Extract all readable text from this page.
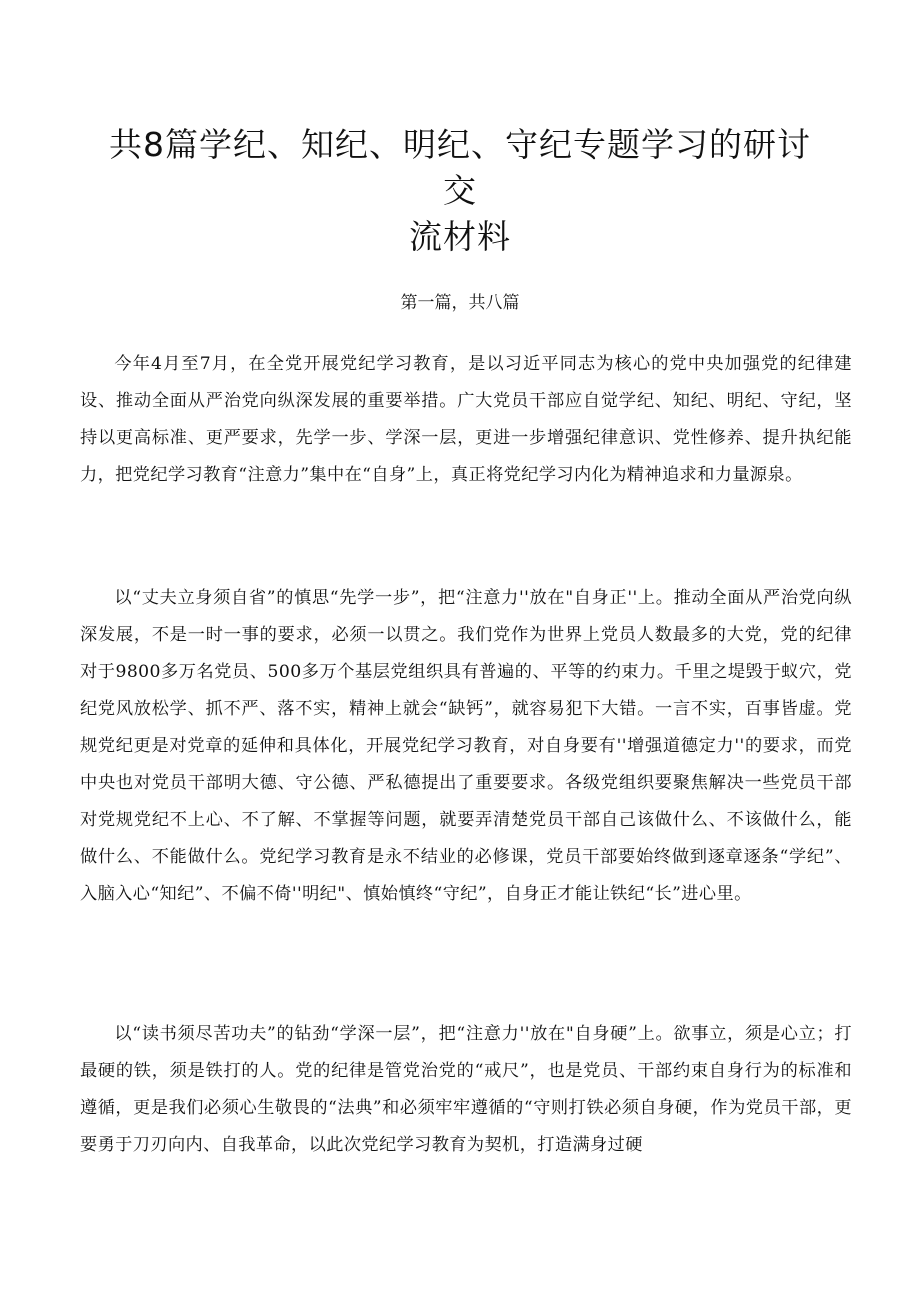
共8篇学纪、知纪、明纪、守纪专题学习的研讨交
流材料

第一篇，共八篇

今年4月至7月，在全党开展党纪学习教育，是以习近平同志为核心的党中央加强党的纪律建设、推动全面从严治党向纵深发展的重要举措。广大党员干部应自觉学纪、知纪、明纪、守纪，坚持以更高标准、更严要求，先学一步、学深一层，更进一步增强纪律意识、党性修养、提升执纪能力，把党纪学习教育“注意力”集中在“自身”上，真正将党纪学习内化为精神追求和力量源泉。

以“丈夫立身须自省”的慎思“先学一步”，把“注意力''放在"自身正''上。推动全面从严治党向纵深发展，不是一时一事的要求，必须一以贯之。我们党作为世界上党员人数最多的大党，党的纪律对于9800多万名党员、500多万个基层党组织具有普遍的、平等的约束力。千里之堤毁于蚁穴，党纪党风放松学、抓不严、落不实，精神上就会“缺钙”，就容易犯下大错。一言不实，百事皆虚。党规党纪更是对党章的延伸和具体化，开展党纪学习教育，对自身要有''增强道德定力''的要求，而党中央也对党员干部明大德、守公德、严私德提出了重要要求。各级党组织要聚焦解决一些党员干部对党规党纪不上心、不了解、不掌握等问题，就要弄清楚党员干部自己该做什么、不该做什么，能做什么、不能做什么。党纪学习教育是永不结业的必修课，党员干部要始终做到逐章逐条“学纪”、入脑入心“知纪”、不偏不倚''明纪"、慎始慎终“守纪”，自身正才能让铁纪“长”进心里。

以“读书须尽苦功夫”的钻劲“学深一层”，把“注意力''放在"自身硬”上。欲事立，须是心立；打最硬的铁，须是铁打的人。党的纪律是管党治党的“戒尺”，也是党员、干部约束自身行为的标准和遵循，更是我们必须心生敬畏的“法典”和必须牢牢遵循的“守则打铁必须自身硬，作为党员干部，更要勇于刀刃向内、自我革命，以此次党纪学习教育为契机，打造满身过硬
